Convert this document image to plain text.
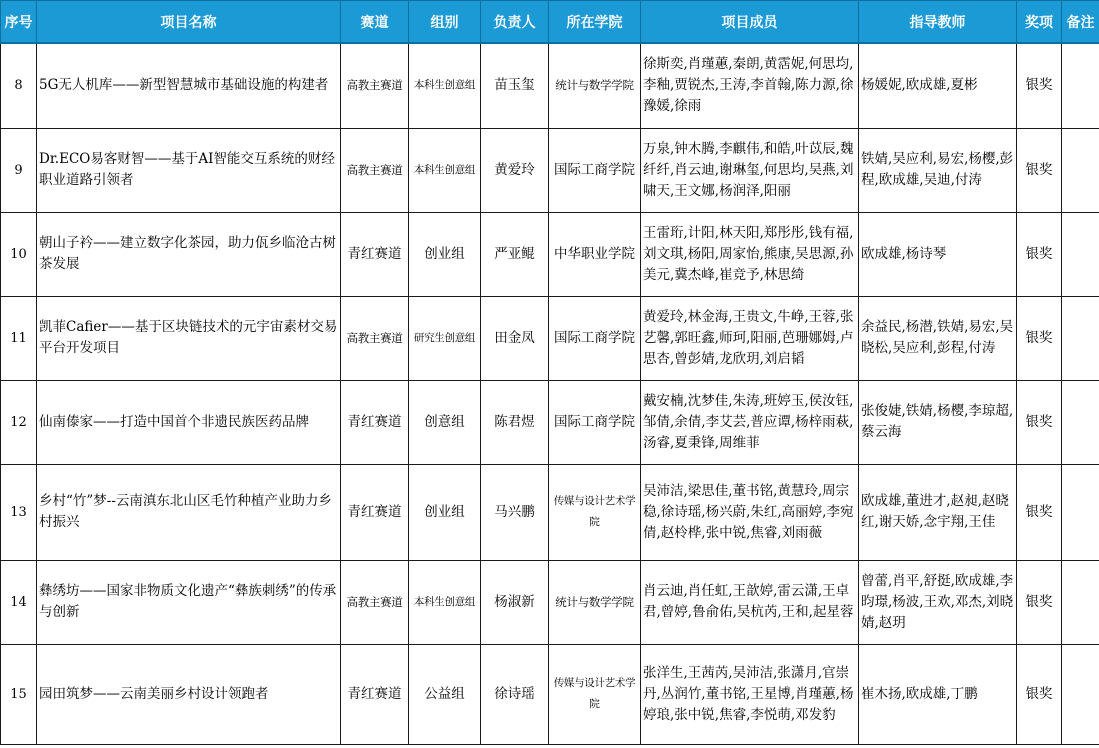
序号	项目名称	赛道	组别	负责人	所在学院	项目成员	指导教师	奖项	备注
8	5G无人机库——新型智慧城市基础设施的构建者	高教主赛道	本科生创意组	苗玉玺	统计与数学学院	徐斯奕,肖瑾蕙,秦朗,黄霑妮,何思均,李釉,贾锐杰,王涛,李首翰,陈力源,徐豫媛,徐雨	杨媛妮,欧成雄,夏彬	银奖	
9	Dr.ECO易客财智——基于AI智能交互系统的财经职业道路引领者	高教主赛道	本科生创意组	黄爱玲	国际工商学院	万泉,钟木腾,李麒伟,和皓,叶苡辰,魏纤纤,肖云迪,谢琳玺,何思均,吴燕,刘啸天,王文娜,杨润泽,阳丽	铁婧,吴应利,易宏,杨樱,彭程,欧成雄,吴迪,付涛	银奖	
10	朝山子衿——建立数字化茶园，助力佤乡临沧古树茶发展	青红赛道	创业组	严亚鲲	中华职业学院	王雷珩,计阳,林天阳,郑彤彤,钱有福,刘文琪,杨阳,周家怡,熊康,吴思源,孙美元,冀杰峰,崔竞予,林思绮	欧成雄,杨诗琴	银奖	
11	凯菲Cafier——基于区块链技术的元宇宙素材交易平台开发项目	高教主赛道	研究生创意组	田金凤	国际工商学院	黄爱玲,林金海,王贵文,牛峥,王蓉,张艺馨,郭旺鑫,师珂,阳丽,芭珊娜姆,卢思杏,曾彭婧,龙欣玥,刘启韬	余益民,杨潜,铁婧,易宏,吴晓松,吴应利,彭程,付涛	银奖	
12	仙南傣家——打造中国首个非遗民族医药品牌	青红赛道	创意组	陈君煜	国际工商学院	戴安楠,沈梦佳,朱涛,班婷玉,侯汝钰,邹倩,余倩,李艾芸,普应谭,杨梓雨萩,汤睿,夏秉锋,周维菲	张俊婕,铁婧,杨樱,李琼超,蔡云海	银奖	
13	乡村“竹”梦--云南滇东北山区毛竹种植产业助力乡村振兴	青红赛道	创业组	马兴鹏	传媒与设计艺术学院	吴沛洁,梁思佳,董书铭,黄慧玲,周宗稳,徐诗瑶,杨兴蔚,朱红,高丽婷,李宛倩,赵柃桦,张中锐,焦睿,刘雨薇	欧成雄,董进才,赵昶,赵晓红,谢天娇,念宇翔,王佳	银奖	
14	彝绣坊——国家非物质文化遗产“彝族刺绣”的传承与创新	高教主赛道	本科生创意组	杨淑新	统计与数学学院	肖云迪,肖任虹,王歆婷,雷云潇,王卓君,曾婷,鲁俞佑,吴杭芮,王和,起星蓉	曾蕾,肖平,舒挺,欧成雄,李昀璟,杨波,王欢,邓杰,刘晓婧,赵玥	银奖	
15	园田筑梦——云南美丽乡村设计领跑者	青红赛道	公益组	徐诗瑶	传媒与设计艺术学院	张洋生,王茜芮,吴沛洁,张潇月,官崇丹,丛润竹,董书铭,王星博,肖瑾蕙,杨婷琅,张中锐,焦睿,李悦萌,邓发豹	崔木扬,欧成雄,丁鹏	银奖	
